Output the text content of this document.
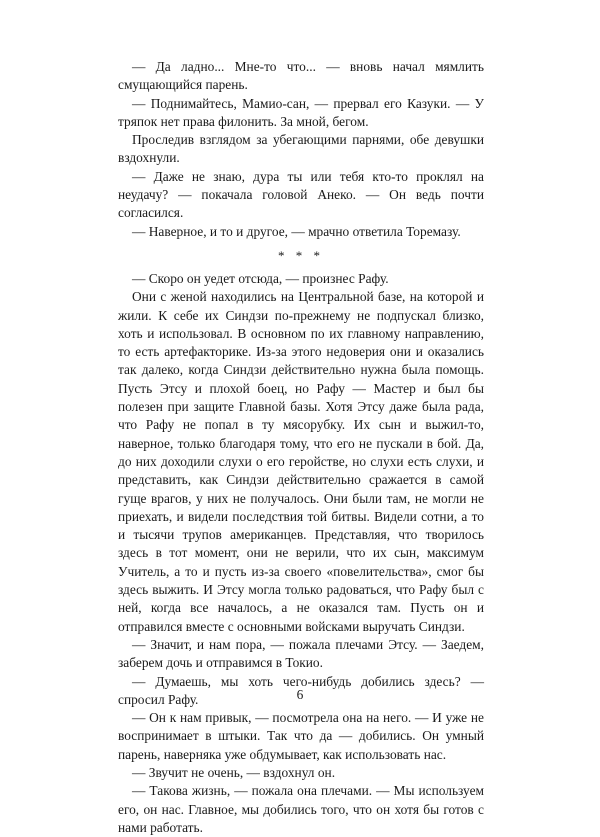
— Да ладно... Мне-то что... — вновь начал мямлить смущающийся парень.

— Поднимайтесь, Мамио-сан, — прервал его Казуки. — У тряпок нет права филонить. За мной, бегом.

Проследив взглядом за убегающими парнями, обе девушки вздохнули.

— Даже не знаю, дура ты или тебя кто-то проклял на неудачу? — покачала головой Анеко. — Он ведь почти согласился.

— Наверное, и то и другое, — мрачно ответила Торемазу.

* * *

— Скоро он уедет отсюда, — произнес Рафу.

Они с женой находились на Центральной базе, на которой и жили. К себе их Синдзи по-прежнему не подпускал близко, хоть и использовал. В основном по их главному направлению, то есть артефакторике. Из-за этого недоверия они и оказались так далеко, когда Синдзи действительно нужна была помощь. Пусть Этсу и плохой боец, но Рафу — Мастер и был бы полезен при защите Главной базы. Хотя Этсу даже была рада, что Рафу не попал в ту мясорубку. Их сын и выжил-то, наверное, только благодаря тому, что его не пускали в бой. Да, до них доходили слухи о его геройстве, но слухи есть слухи, и представить, как Синдзи действительно сражается в самой гуще врагов, у них не получалось. Они были там, не могли не приехать, и видели последствия той битвы. Видели сотни, а то и тысячи трупов американцев. Представляя, что творилось здесь в тот момент, они не верили, что их сын, максимум Учитель, а то и пусть из-за своего «повелительства», смог бы здесь выжить. И Этсу могла только радоваться, что Рафу был с ней, когда все началось, а не оказался там. Пусть он и отправился вместе с основными войсками выручать Синдзи.

— Значит, и нам пора, — пожала плечами Этсу. — Заедем, заберем дочь и отправимся в Токио.

— Думаешь, мы хоть чего-нибудь добились здесь? — спросил Рафу.

— Он к нам привык, — посмотрела она на него. — И уже не воспринимает в штыки. Так что да — добились. Он умный парень, наверняка уже обдумывает, как использовать нас.

— Звучит не очень, — вздохнул он.

— Такова жизнь, — пожала она плечами. — Мы используем его, он нас. Главное, мы добились того, что он хотя бы готов с нами работать.

6
